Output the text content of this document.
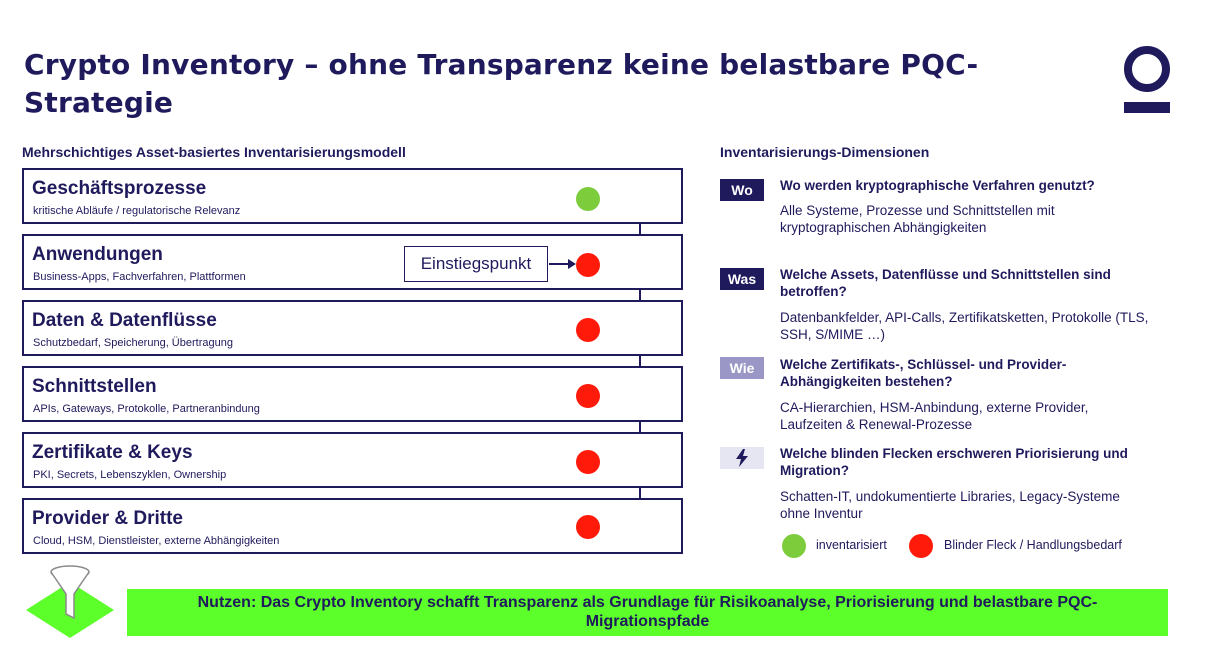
Crypto Inventory – ohne Transparenz keine belastbare PQC-Strategie
Mehrschichtiges Asset-basiertes Inventarisierungsmodell
Geschäftsprozesse
kritische Abläufe / regulatorische Relevanz
Anwendungen
Business-Apps, Fachverfahren, Plattformen
Daten & Datenflüsse
Schutzbedarf, Speicherung, Übertragung
Schnittstellen
APIs, Gateways, Protokolle, Partneranbindung
Zertifikate & Keys
PKI, Secrets, Lebenszyklen, Ownership
Provider & Dritte
Cloud, HSM, Dienstleister, externe Abhängigkeiten
Einstiegspunkt
Inventarisierungs-Dimensionen
Wo	Wo werden kryptographische Verfahren genutzt?
Alle Systeme, Prozesse und Schnittstellen mit kryptographischen Abhängigkeiten
Was	Welche Assets, Datenflüsse und Schnittstellen sind betroffen?
Datenbankfelder, API-Calls, Zertifikatsketten, Protokolle (TLS, SSH, S/MIME …)
Wie	Welche Zertifikats-, Schlüssel- und Provider-Abhängigkeiten bestehen?
CA-Hierarchien, HSM-Anbindung, externe Provider, Laufzeiten & Renewal-Prozesse
Welche blinden Flecken erschweren Priorisierung und Migration?
Schatten-IT, undokumentierte Libraries, Legacy-Systeme ohne Inventur
inventarisiert	Blinder Fleck / Handlungsbedarf
Nutzen: Das Crypto Inventory schafft Transparenz als Grundlage für Risikoanalyse, Priorisierung und belastbare PQC-Migrationspfade
